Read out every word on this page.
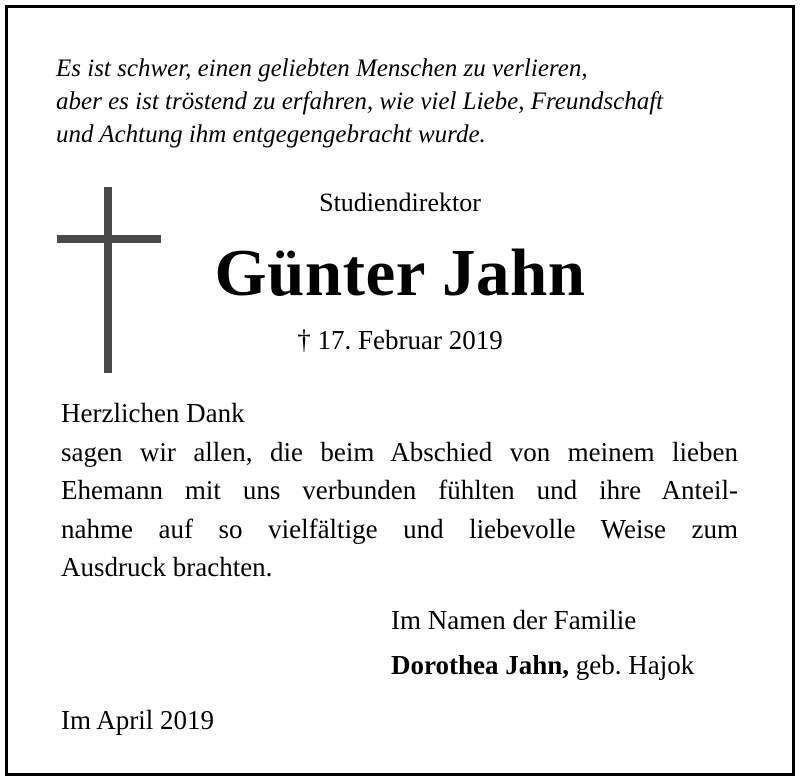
Es ist schwer, einen geliebten Menschen zu verlieren,
aber es ist tröstend zu erfahren, wie viel Liebe, Freundschaft
und Achtung ihm entgegengebracht wurde.
Studiendirektor
Günter Jahn
† 17. Februar 2019
Herzlichen Dank
sagen wir allen, die beim Abschied von meinem lieben
Ehemann mit uns verbunden fühlten und ihre Anteil-
nahme auf so vielfältige und liebevolle Weise zum
Ausdruck brachten.
Im Namen der Familie
Dorothea Jahn, geb. Hajok
Im April 2019
